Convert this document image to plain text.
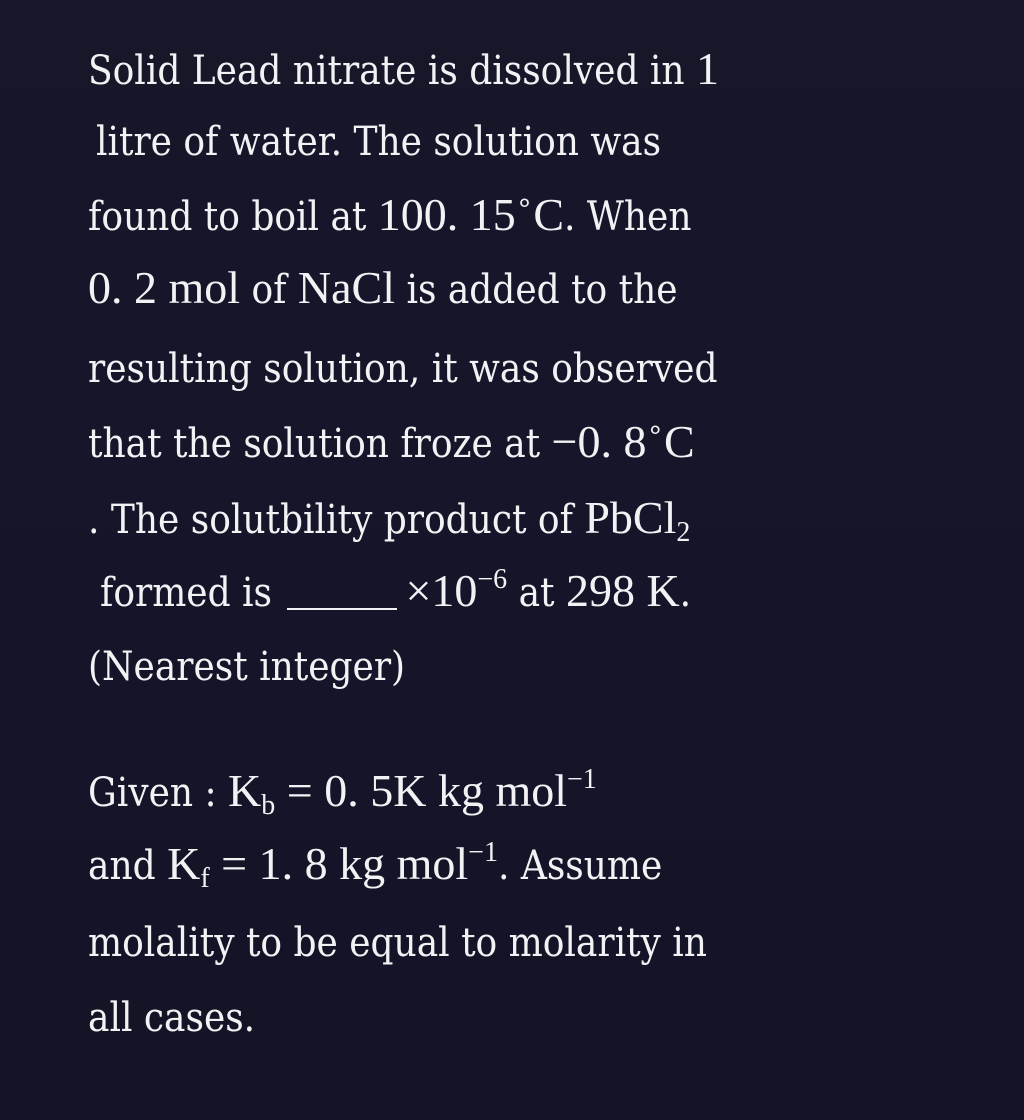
Solid Lead nitrate is dissolved in 1
litre of water. The solution was
found to boil at 100. 15∘C. When
0. 2 mol of NaCl is added to the
resulting solution, it was observed
that the solution froze at −0. 8∘C
. The solutbility product of PbCl$_2$
formed is	$\times 10^{-6}$ at 298 K.
(Nearest integer)
Given : $K_b = 0$. 5K kg mol$^{-1}$
and $K_f = 1$. 8 kg mol$^{-1}$. Assume
molality to be equal to molarity in
all cases.
